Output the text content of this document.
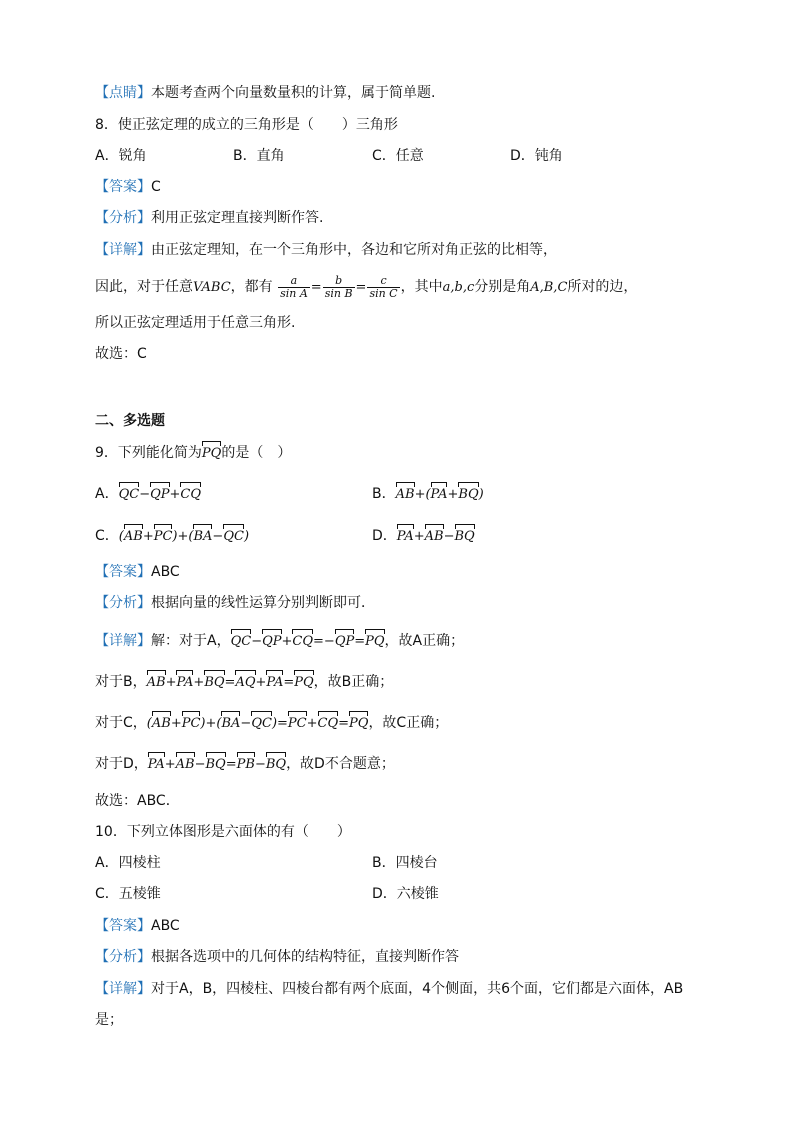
【点睛】本题考查两个向量数量积的计算，属于简单题.
8．使正弦定理的成立的三角形是（　　）三角形
A．锐角	B．直角	C．任意	D．钝角
【答案】C
【分析】利用正弦定理直接判断作答.
【详解】由正弦定理知，在一个三角形中，各边和它所对角正弦的比相等，
因此，对于任意VABC，都有 $\frac{a}{\text{sin A}} = \frac{b}{\text{sin B}} = \frac{c}{\text{sin C}}$ ，其中a,b,c分别是角A,B,C所对的边，
所以正弦定理适用于任意三角形.
故选：C
二、多选题
9．下列能化简为PQ的是（　）
A．QC−QP+CQ	B．AB+(PA+BQ)
C．(AB+PC)+(BA−QC)	D．PA+AB−BQ
【答案】ABC
【分析】根据向量的线性运算分别判断即可．
【详解】解：对于A，QC−QP+CQ=−QP=PQ，故A正确；
对于B，AB+PA+BQ=AQ+PA=PQ，故B正确；
对于C，(AB+PC)+(BA−QC)=PC+CQ=PQ，故C正确；
对于D，PA+AB−BQ=PB−BQ，故D不合题意；
故选：ABC．
10．下列立体图形是六面体的有（　　）
A．四棱柱	B．四棱台
C．五棱锥	D．六棱锥
【答案】ABC
【分析】根据各选项中的几何体的结构特征，直接判断作答
【详解】对于A，B，四棱柱、四棱台都有两个底面，4个侧面，共6个面，它们都是六面体，AB
是；
